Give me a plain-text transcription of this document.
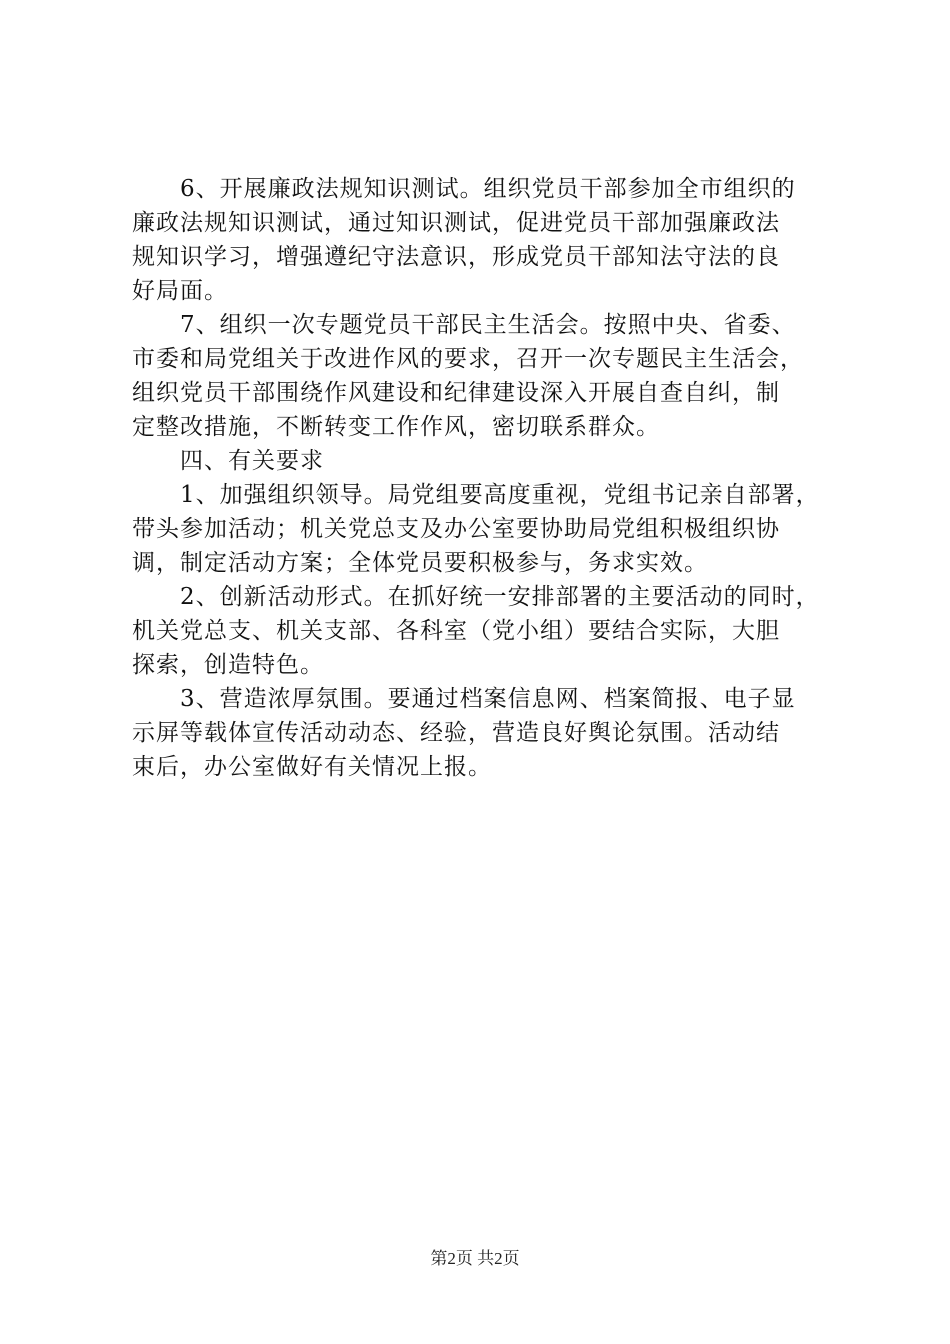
6、开展廉政法规知识测试。组织党员干部参加全市组织的
廉政法规知识测试，通过知识测试，促进党员干部加强廉政法
规知识学习，增强遵纪守法意识，形成党员干部知法守法的良
好局面。
7、组织一次专题党员干部民主生活会。按照中央、省委、
市委和局党组关于改进作风的要求，召开一次专题民主生活会，
组织党员干部围绕作风建设和纪律建设深入开展自查自纠，制
定整改措施，不断转变工作作风，密切联系群众。
四、有关要求
1、加强组织领导。局党组要高度重视，党组书记亲自部署，
带头参加活动；机关党总支及办公室要协助局党组积极组织协
调，制定活动方案；全体党员要积极参与，务求实效。
2、创新活动形式。在抓好统一安排部署的主要活动的同时，
机关党总支、机关支部、各科室（党小组）要结合实际，大胆
探索，创造特色。
3、营造浓厚氛围。要通过档案信息网、档案简报、电子显
示屏等载体宣传活动动态、经验，营造良好舆论氛围。活动结
束后，办公室做好有关情况上报。
第2页 共2页
